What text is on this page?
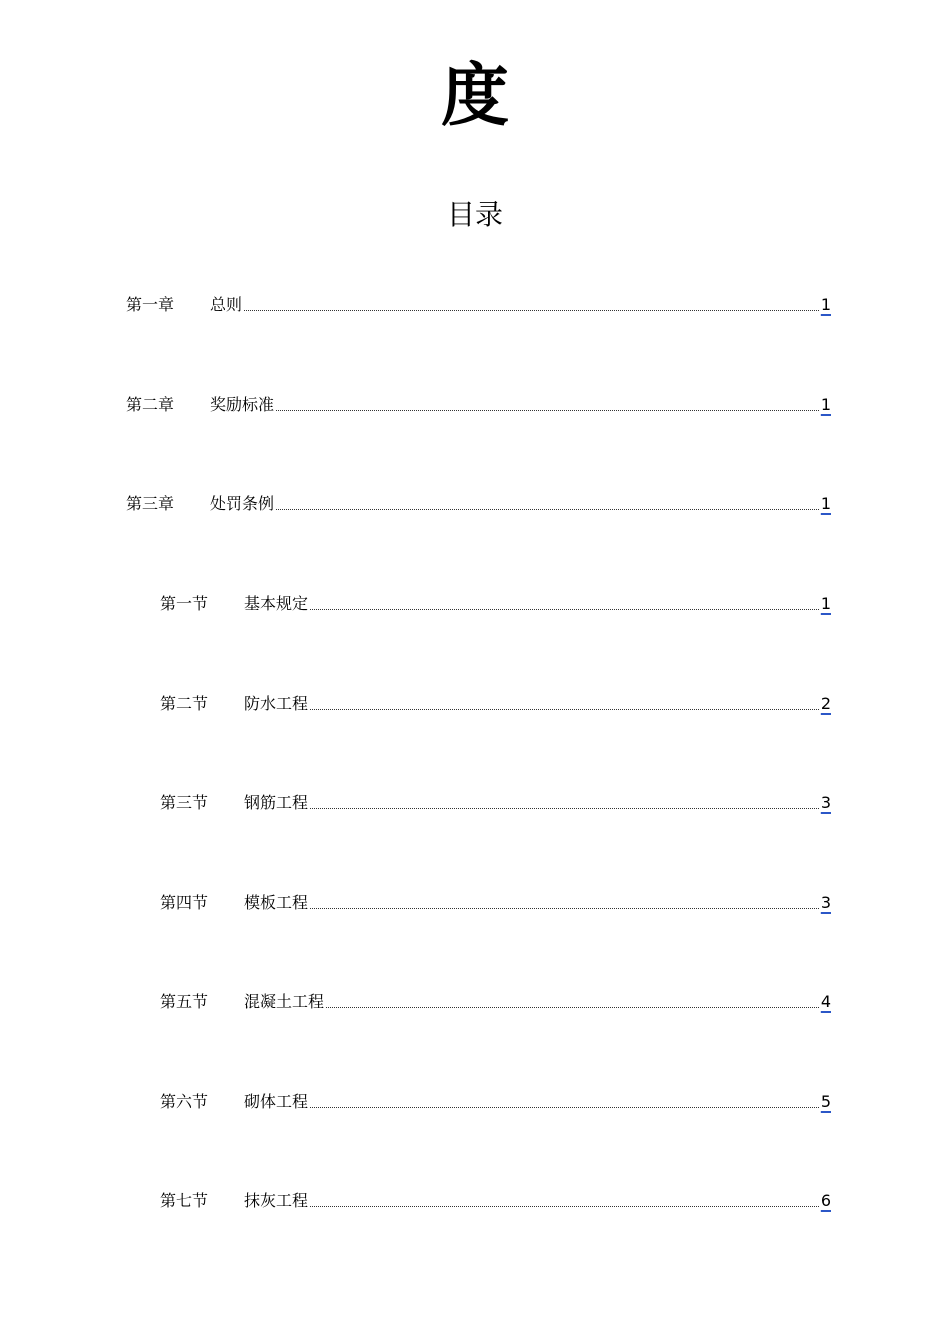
度
目录
第一章	总则	1
第二章	奖励标准	1
第三章	处罚条例	1
第一节	基本规定	1
第二节	防水工程	2
第三节	钢筋工程	3
第四节	模板工程	3
第五节	混凝土工程	4
第六节	砌体工程	5
第七节	抹灰工程	6
